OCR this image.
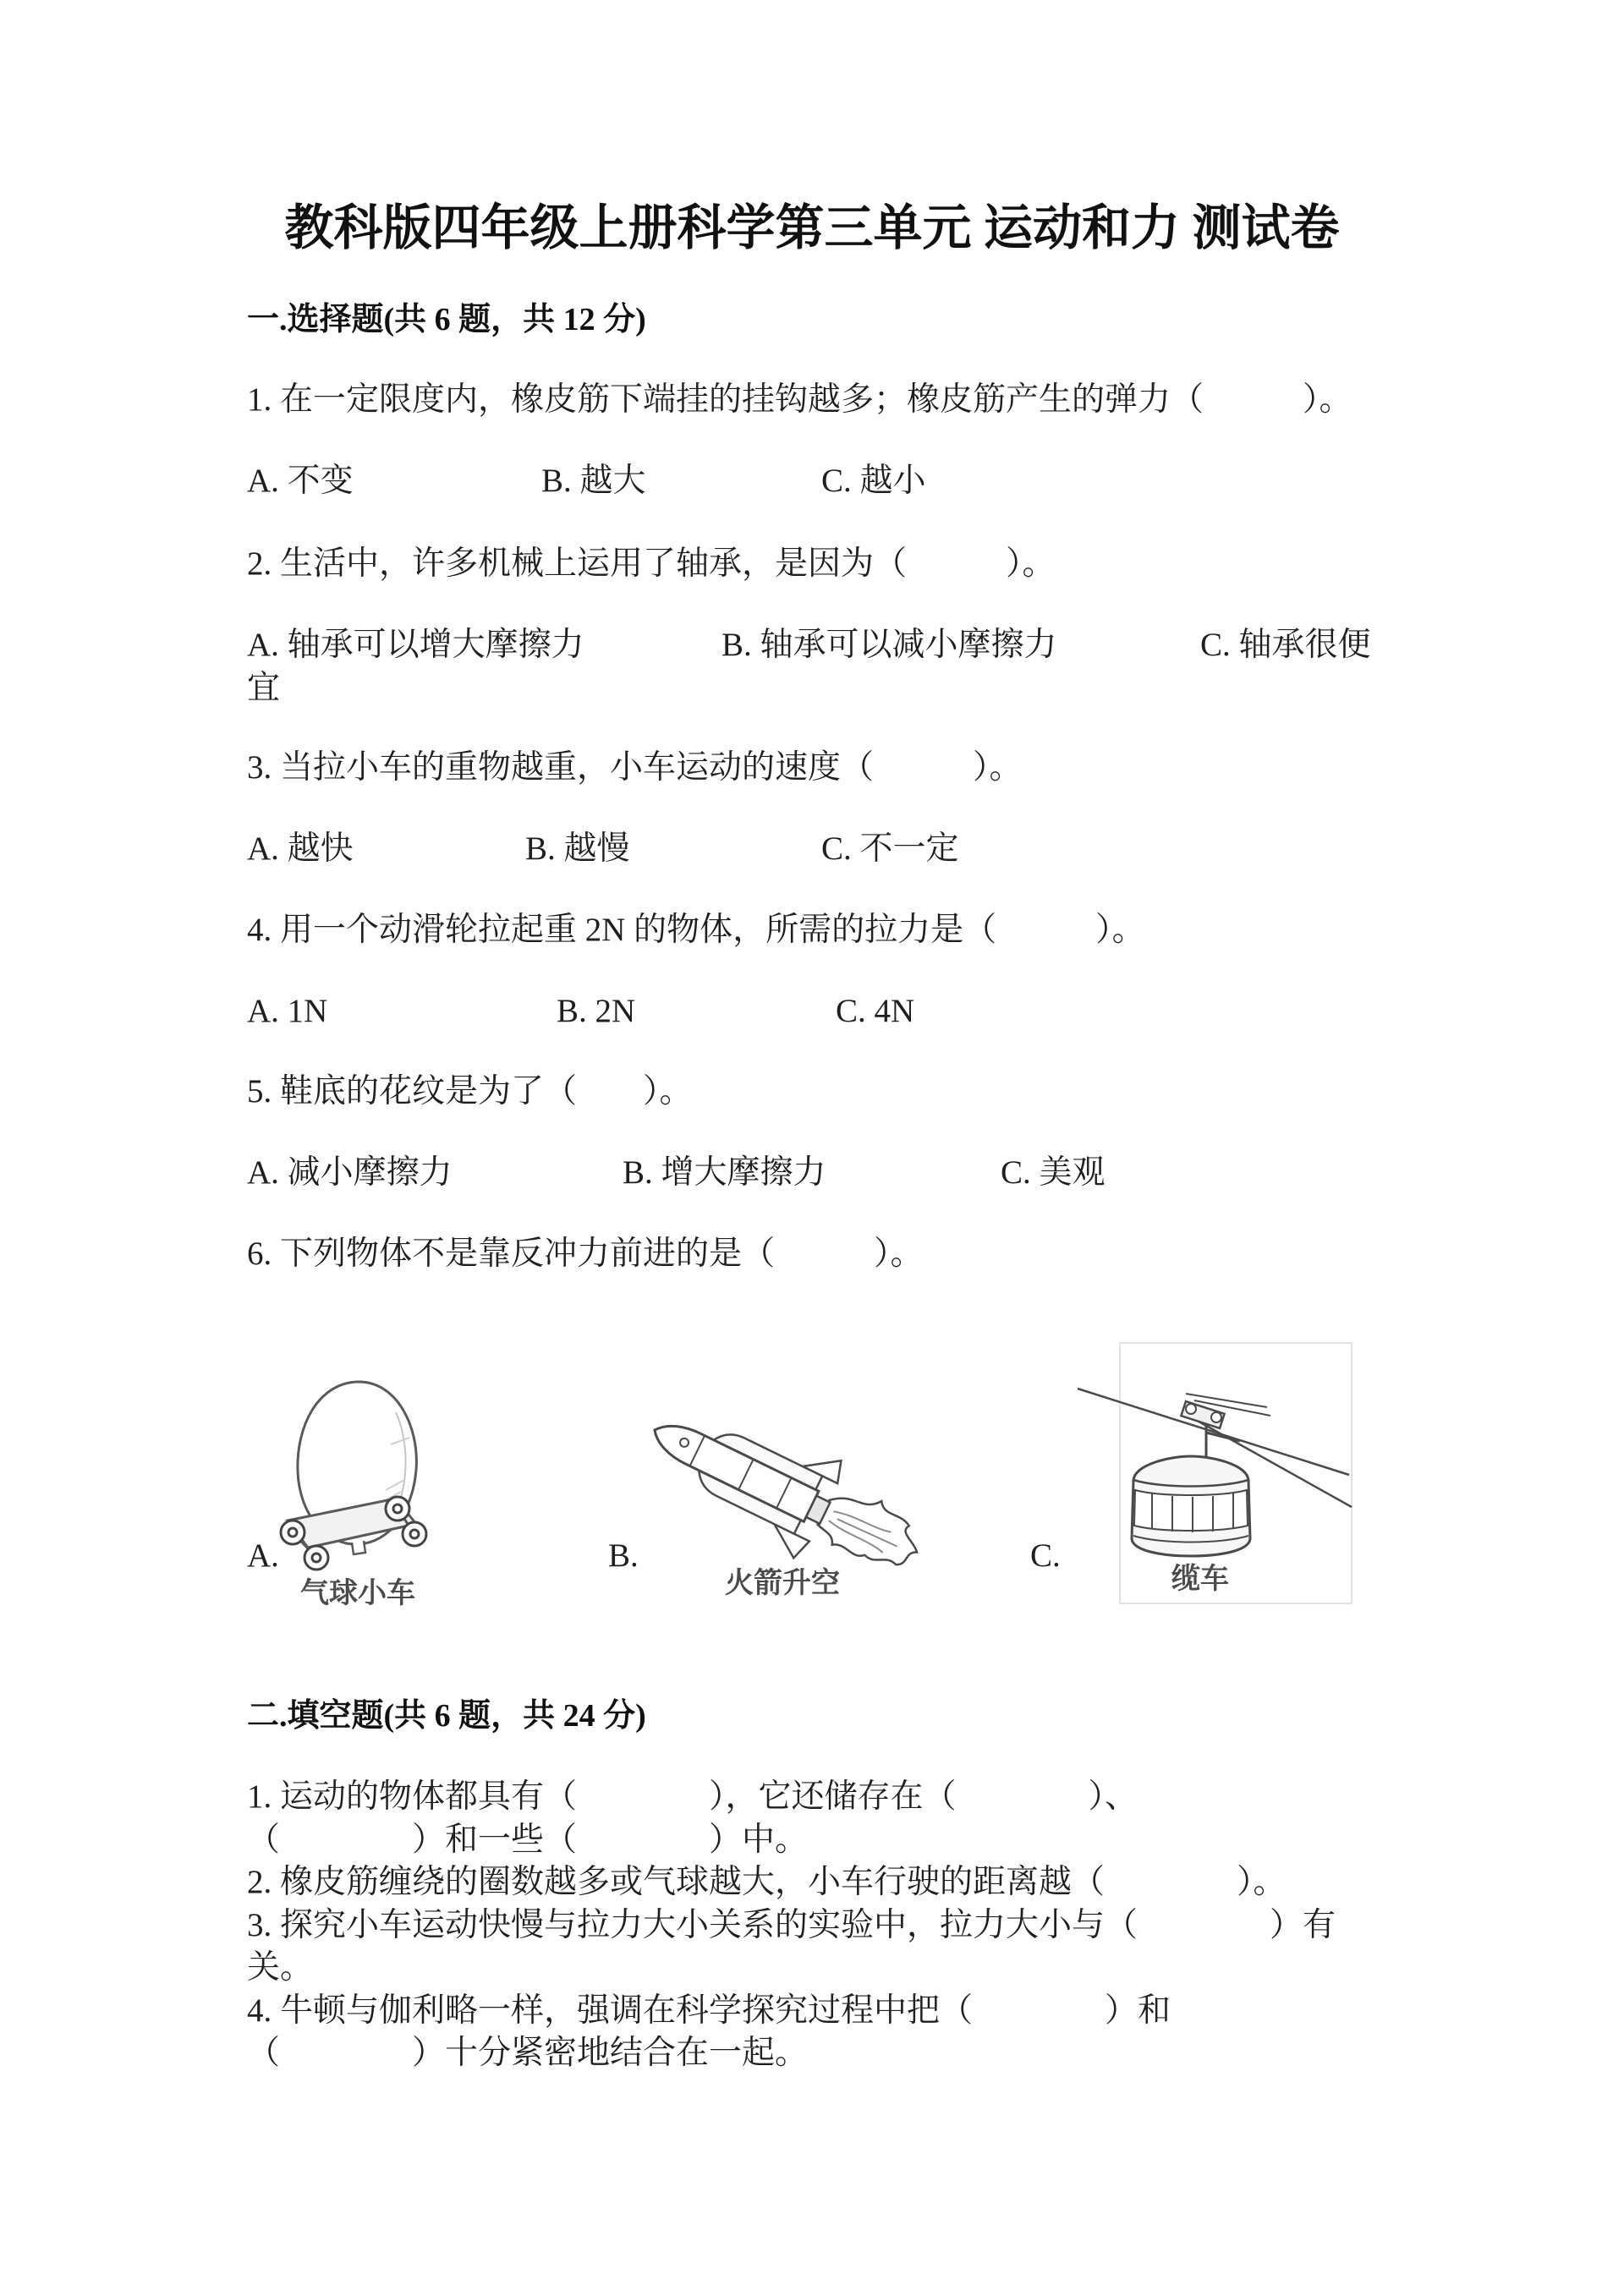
教科版四年级上册科学第三单元 运动和力 测试卷
一.选择题(共 6 题，共 12 分)
1. 在一定限度内，橡皮筋下端挂的挂钩越多；橡皮筋产生的弹力（　　　）。
A. 不变	B. 越大	C. 越小
2. 生活中，许多机械上运用了轴承，是因为（　　　）。
A. 轴承可以增大摩擦力	B. 轴承可以减小摩擦力	C. 轴承很便宜
3. 当拉小车的重物越重，小车运动的速度（　　　）。
A. 越快	B. 越慢	C. 不一定
4. 用一个动滑轮拉起重 2N 的物体，所需的拉力是（　　　）。
A. 1N	B. 2N	C. 4N
5. 鞋底的花纹是为了（　　）。
A. 减小摩擦力	B. 增大摩擦力	C. 美观
6. 下列物体不是靠反冲力前进的是（　　　）。
A.	B.	C.
气球小车	火箭升空	缆车
二.填空题(共 6 题，共 24 分)
1. 运动的物体都具有（　　　　），它还储存在（　　　　）、
（　　　　）和一些（　　　　）中。
2. 橡皮筋缠绕的圈数越多或气球越大，小车行驶的距离越（　　　　）。
3. 探究小车运动快慢与拉力大小关系的实验中，拉力大小与（　　　　）有
关。
4. 牛顿与伽利略一样，强调在科学探究过程中把（　　　　）和
（　　　　）十分紧密地结合在一起。
